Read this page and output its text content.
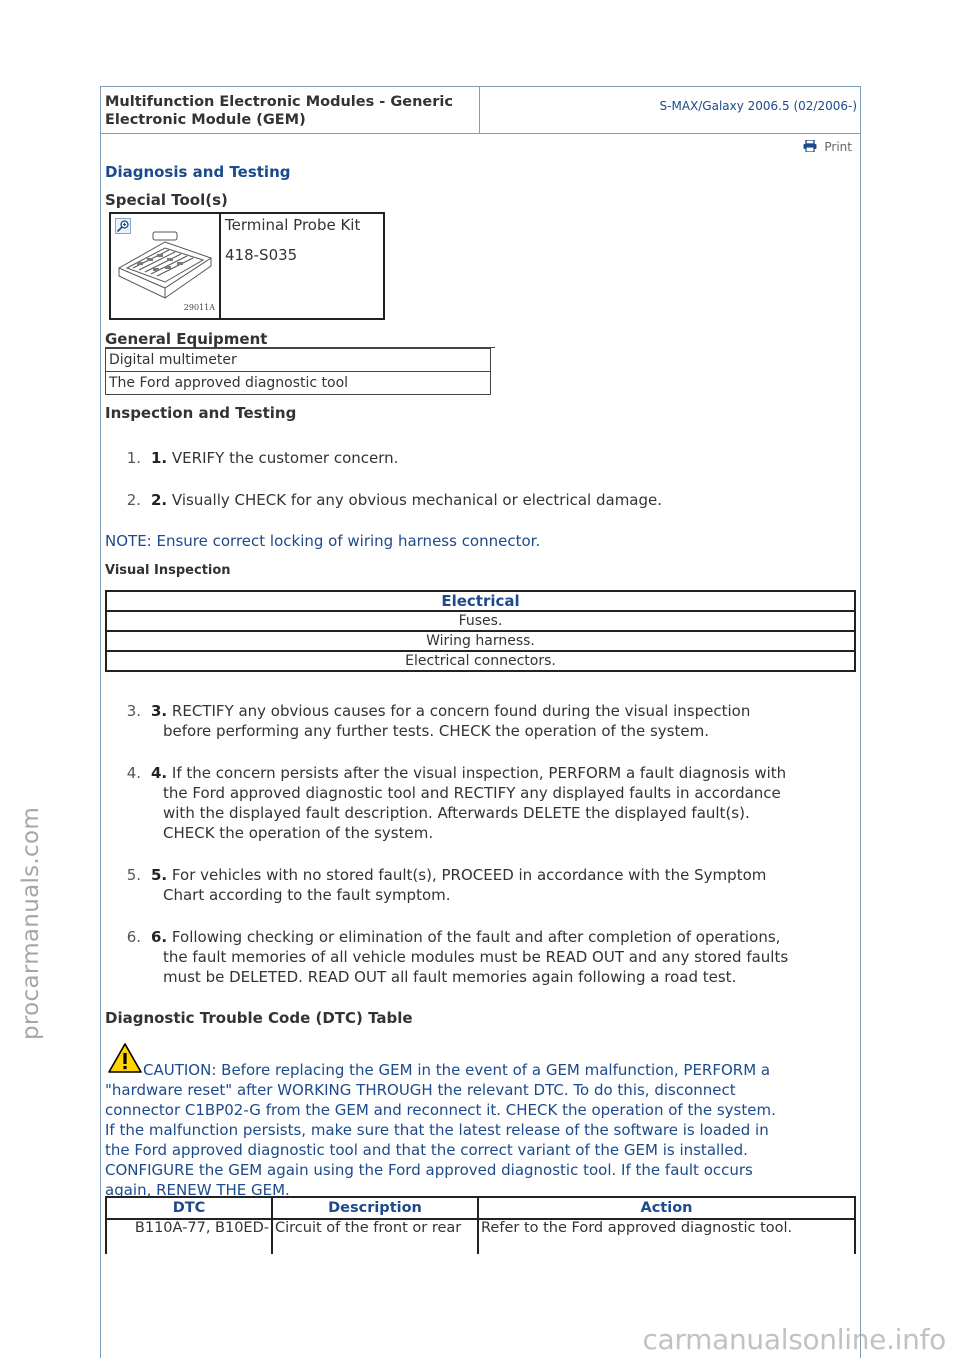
procarmanuals.com
carmanualsonline.info
Multifunction Electronic Modules - Generic Electronic Module (GEM)
S-MAX/Galaxy 2006.5 (02/2006-)
Print
Diagnosis and Testing
Special Tool(s)
29011A
Terminal Probe Kit
418-S035
General Equipment
Digital multimeter
The Ford approved diagnostic tool
Inspection and Testing
1. 1. VERIFY the customer concern.
2. 2. Visually CHECK for any obvious mechanical or electrical damage.
NOTE: Ensure correct locking of wiring harness connector.
Visual Inspection
Electrical
Fuses.
Wiring harness.
Electrical connectors.
3. 3. RECTIFY any obvious causes for a concern found during the visual inspection
before performing any further tests. CHECK the operation of the system.
4. 4. If the concern persists after the visual inspection, PERFORM a fault diagnosis with
the Ford approved diagnostic tool and RECTIFY any displayed faults in accordance
with the displayed fault description. Afterwards DELETE the displayed fault(s).
CHECK the operation of the system.
5. 5. For vehicles with no stored fault(s), PROCEED in accordance with the Symptom
Chart according to the fault symptom.
6. 6. Following checking or elimination of the fault and after completion of operations,
the fault memories of all vehicle modules must be READ OUT and any stored faults
must be DELETED. READ OUT all fault memories again following a road test.
Diagnostic Trouble Code (DTC) Table
CAUTION: Before replacing the GEM in the event of a GEM malfunction, PERFORM a
"hardware reset" after WORKING THROUGH the relevant DTC. To do this, disconnect
connector C1BP02-G from the GEM and reconnect it. CHECK the operation of the system.
If the malfunction persists, make sure that the latest release of the software is loaded in
the Ford approved diagnostic tool and that the correct variant of the GEM is installed.
CONFIGURE the GEM again using the Ford approved diagnostic tool. If the fault occurs
again, RENEW THE GEM.
DTC	Description	Action
B110A-77, B10ED-	Circuit of the front or rear	Refer to the Ford approved diagnostic tool.
